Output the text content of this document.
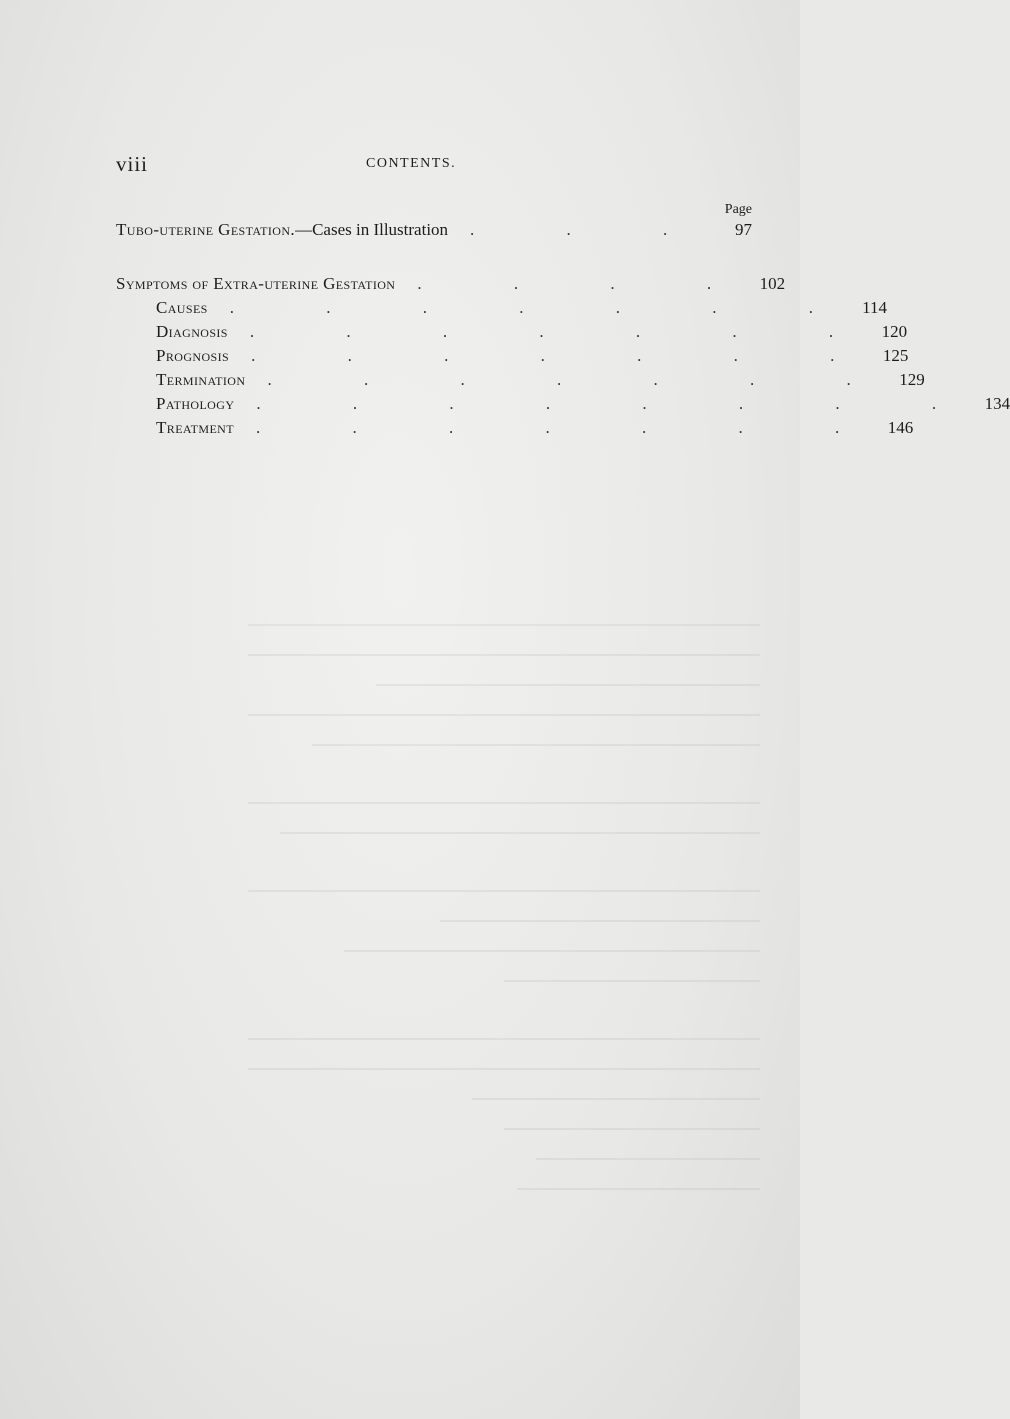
viii	CONTENTS.
Page
Tubo-uterine Gestation.—Cases in Illustration	. . .	97
Symptoms of Extra-uterine Gestation	. . . . 102
Causes	. . . . . . . 114
Diagnosis	. . . . . . . 120
Prognosis	. . . . . . . 125
Termination	. . . . . . . 129
Pathology	. . . . . . . . 134
Treatment	. . . . . . . 146
